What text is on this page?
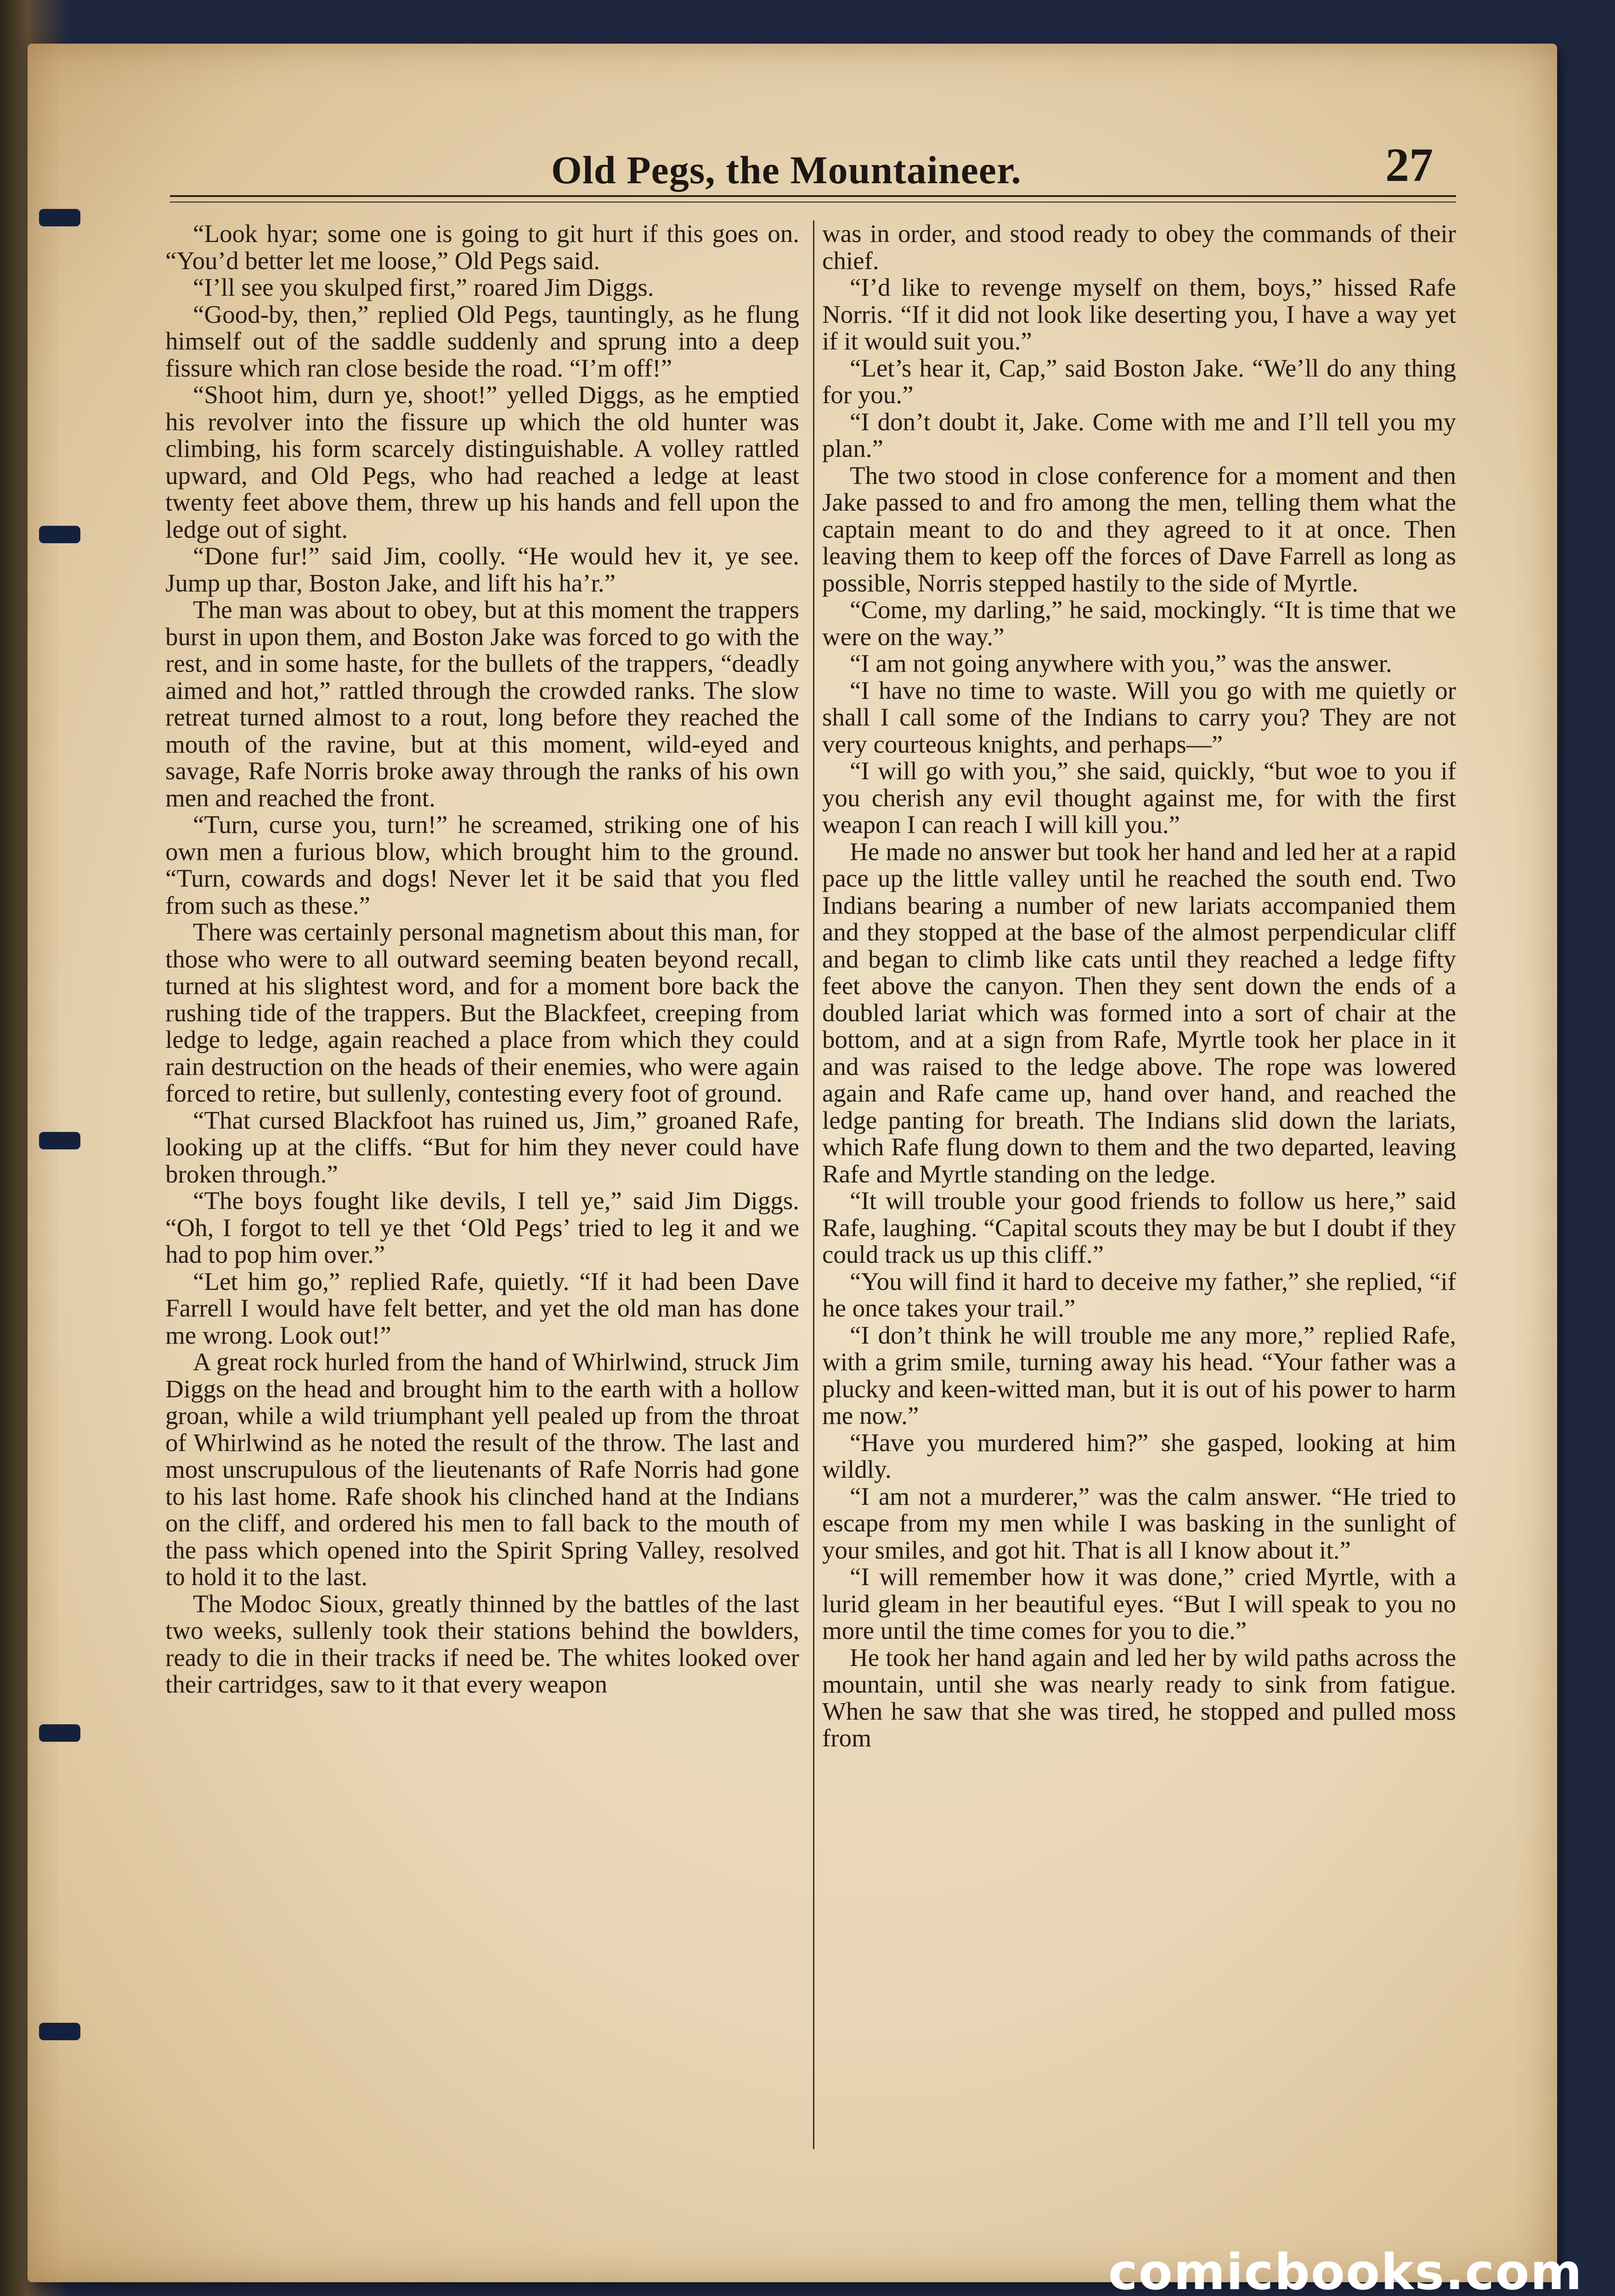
Old Pegs, the Mountaineer.	27

“Look hyar; some one is going to git hurt if this goes on. “You’d better let me loose,” Old Pegs said.

“I’ll see you skulped first,” roared Jim Diggs.

“Good-by, then,” replied Old Pegs, tauntingly, as he flung himself out of the saddle suddenly and sprung into a deep fissure which ran close beside the road. “I’m off!”

“Shoot him, durn ye, shoot!” yelled Diggs, as he emptied his revolver into the fissure up which the old hunter was climbing, his form scarcely distinguishable. A volley rattled upward, and Old Pegs, who had reached a ledge at least twenty feet above them, threw up his hands and fell upon the ledge out of sight.

“Done fur!” said Jim, coolly. “He would hev it, ye see. Jump up thar, Boston Jake, and lift his ha’r.”

The man was about to obey, but at this moment the trappers burst in upon them, and Boston Jake was forced to go with the rest, and in some haste, for the bullets of the trappers, “deadly aimed and hot,” rattled through the crowded ranks. The slow retreat turned almost to a rout, long before they reached the mouth of the ravine, but at this moment, wild-eyed and savage, Rafe Norris broke away through the ranks of his own men and reached the front.

“Turn, curse you, turn!” he screamed, striking one of his own men a furious blow, which brought him to the ground. “Turn, cowards and dogs! Never let it be said that you fled from such as these.”

There was certainly personal magnetism about this man, for those who were to all outward seeming beaten beyond recall, turned at his slightest word, and for a moment bore back the rushing tide of the trappers. But the Blackfeet, creeping from ledge to ledge, again reached a place from which they could rain destruction on the heads of their enemies, who were again forced to retire, but sullenly, contesting every foot of ground.

“That cursed Blackfoot has ruined us, Jim,” groaned Rafe, looking up at the cliffs. “But for him they never could have broken through.”

“The boys fought like devils, I tell ye,” said Jim Diggs. “Oh, I forgot to tell ye thet ‘Old Pegs’ tried to leg it and we had to pop him over.”

“Let him go,” replied Rafe, quietly. “If it had been Dave Farrell I would have felt better, and yet the old man has done me wrong. Look out!”

A great rock hurled from the hand of Whirlwind, struck Jim Diggs on the head and brought him to the earth with a hollow groan, while a wild triumphant yell pealed up from the throat of Whirlwind as he noted the result of the throw. The last and most unscrupulous of the lieutenants of Rafe Norris had gone to his last home. Rafe shook his clinched hand at the Indians on the cliff, and ordered his men to fall back to the mouth of the pass which opened into the Spirit Spring Valley, resolved to hold it to the last.

The Modoc Sioux, greatly thinned by the battles of the last two weeks, sullenly took their stations behind the bowlders, ready to die in their tracks if need be. The whites looked over their cartridges, saw to it that every weapon

was in order, and stood ready to obey the commands of their chief.

“I’d like to revenge myself on them, boys,” hissed Rafe Norris. “If it did not look like deserting you, I have a way yet if it would suit you.”

“Let’s hear it, Cap,” said Boston Jake. “We’ll do any thing for you.”

“I don’t doubt it, Jake. Come with me and I’ll tell you my plan.”

The two stood in close conference for a moment and then Jake passed to and fro among the men, telling them what the captain meant to do and they agreed to it at once. Then leaving them to keep off the forces of Dave Farrell as long as possible, Norris stepped hastily to the side of Myrtle.

“Come, my darling,” he said, mockingly. “It is time that we were on the way.”

“I am not going anywhere with you,” was the answer.

“I have no time to waste. Will you go with me quietly or shall I call some of the Indians to carry you? They are not very courteous knights, and perhaps—”

“I will go with you,” she said, quickly, “but woe to you if you cherish any evil thought against me, for with the first weapon I can reach I will kill you.”

He made no answer but took her hand and led her at a rapid pace up the little valley until he reached the south end. Two Indians bearing a number of new lariats accompanied them and they stopped at the base of the almost perpendicular cliff and began to climb like cats until they reached a ledge fifty feet above the canyon. Then they sent down the ends of a doubled lariat which was formed into a sort of chair at the bottom, and at a sign from Rafe, Myrtle took her place in it and was raised to the ledge above. The rope was lowered again and Rafe came up, hand over hand, and reached the ledge panting for breath. The Indians slid down the lariats, which Rafe flung down to them and the two departed, leaving Rafe and Myrtle standing on the ledge.

“It will trouble your good friends to follow us here,” said Rafe, laughing. “Capital scouts they may be but I doubt if they could track us up this cliff.”

“You will find it hard to deceive my father,” she replied, “if he once takes your trail.”

“I don’t think he will trouble me any more,” replied Rafe, with a grim smile, turning away his head. “Your father was a plucky and keen-witted man, but it is out of his power to harm me now.”

“Have you murdered him?” she gasped, looking at him wildly.

“I am not a murderer,” was the calm answer. “He tried to escape from my men while I was basking in the sunlight of your smiles, and got hit. That is all I know about it.”

“I will remember how it was done,” cried Myrtle, with a lurid gleam in her beautiful eyes. “But I will speak to you no more until the time comes for you to die.”

He took her hand again and led her by wild paths across the mountain, until she was nearly ready to sink from fatigue. When he saw that she was tired, he stopped and pulled moss from

comicbooks.com
